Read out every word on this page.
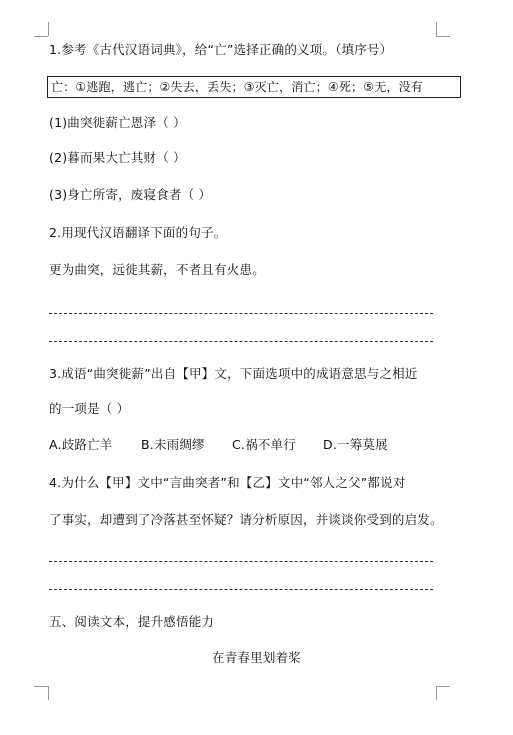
1.参考《古代汉语词典》，给“亡”选择正确的义项。（填序号）
亡：①逃跑，逃亡；②失去，丢失；③灭亡，消亡；④死；⑤无，没有
(1)曲突徙薪亡恩泽（ ）
(2)暮而果大亡其财（ ）
(3)身亡所寄，废寝食者（ ）
2.用现代汉语翻译下面的句子。
更为曲突，远徙其薪，不者且有火患。
3.成语“曲突徙薪”出自【甲】文，下面选项中的成语意思与之相近
的一项是（ ）
A.歧路亡羊 B.未雨绸缪 C.祸不单行 D.一筹莫展
4.为什么【甲】文中“言曲突者”和【乙】文中“邻人之父”都说对
了事实，却遭到了冷落甚至怀疑？请分析原因，并谈谈你受到的启发。
五、阅读文本，提升感悟能力
在青春里划着桨
